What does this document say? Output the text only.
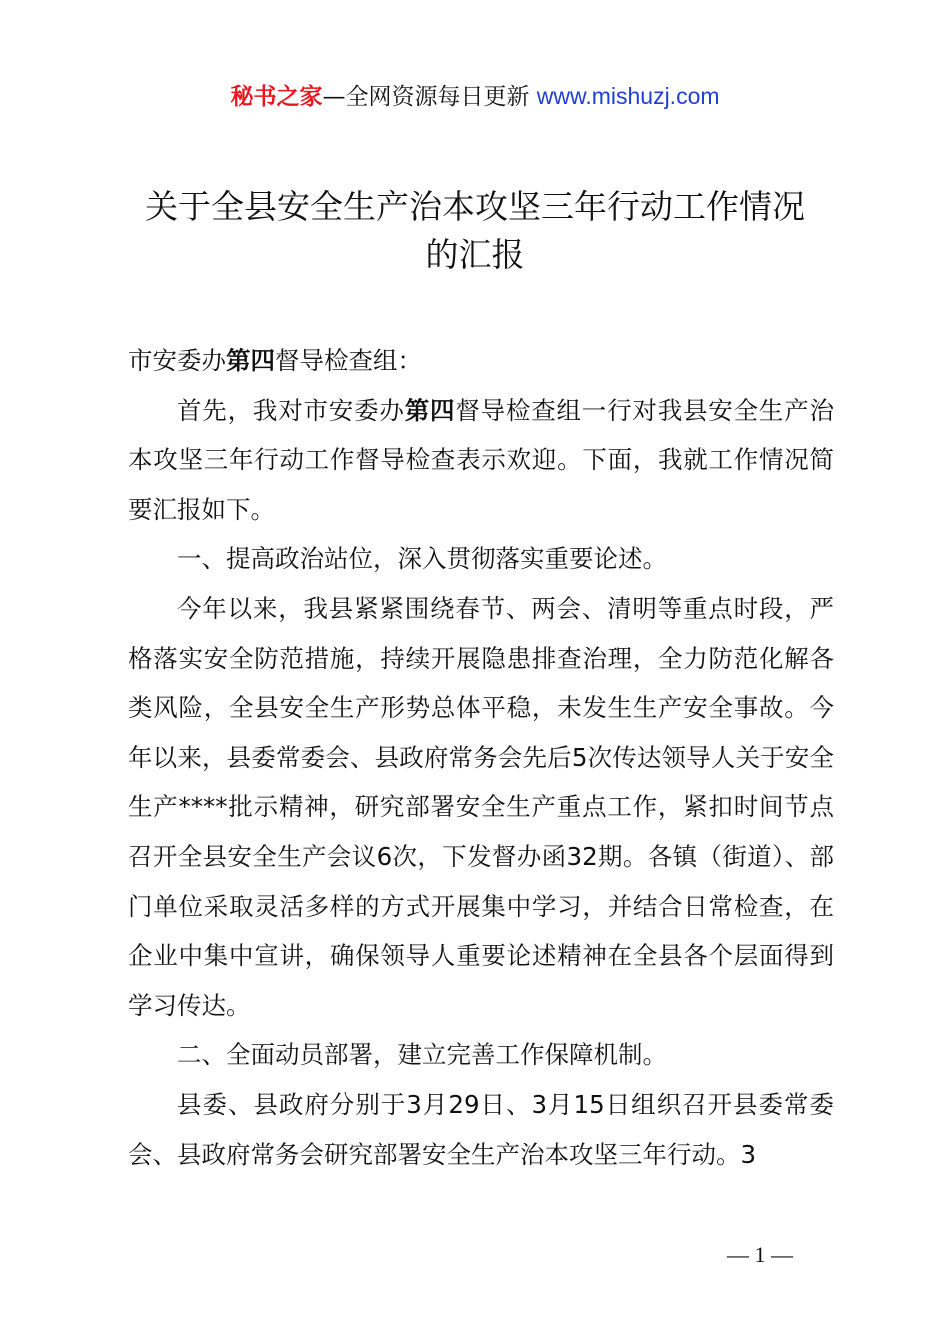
秘书之家—全网资源每日更新 www.mishuzj.com
关于全县安全生产治本攻坚三年行动工作情况
的汇报

市安委办第四督导检查组：

首先，我对市安委办第四督导检查组一行对我县安全生产治本攻坚三年行动工作督导检查表示欢迎。下面，我就工作情况简要汇报如下。

一、提高政治站位，深入贯彻落实重要论述。

今年以来，我县紧紧围绕春节、两会、清明等重点时段，严格落实安全防范措施，持续开展隐患排查治理，全力防范化解各类风险，全县安全生产形势总体平稳，未发生生产安全事故。今年以来，县委常委会、县政府常务会先后5次传达领导人关于安全生产****批示精神，研究部署安全生产重点工作，紧扣时间节点召开全县安全生产会议6次，下发督办函32期。各镇（街道）、部门单位采取灵活多样的方式开展集中学习，并结合日常检查，在企业中集中宣讲，确保领导人重要论述精神在全县各个层面得到学习传达。

二、全面动员部署，建立完善工作保障机制。

县委、县政府分别于3月29日、3月15日组织召开县委常委会、县政府常务会研究部署安全生产治本攻坚三年行动。3

— 1 —
